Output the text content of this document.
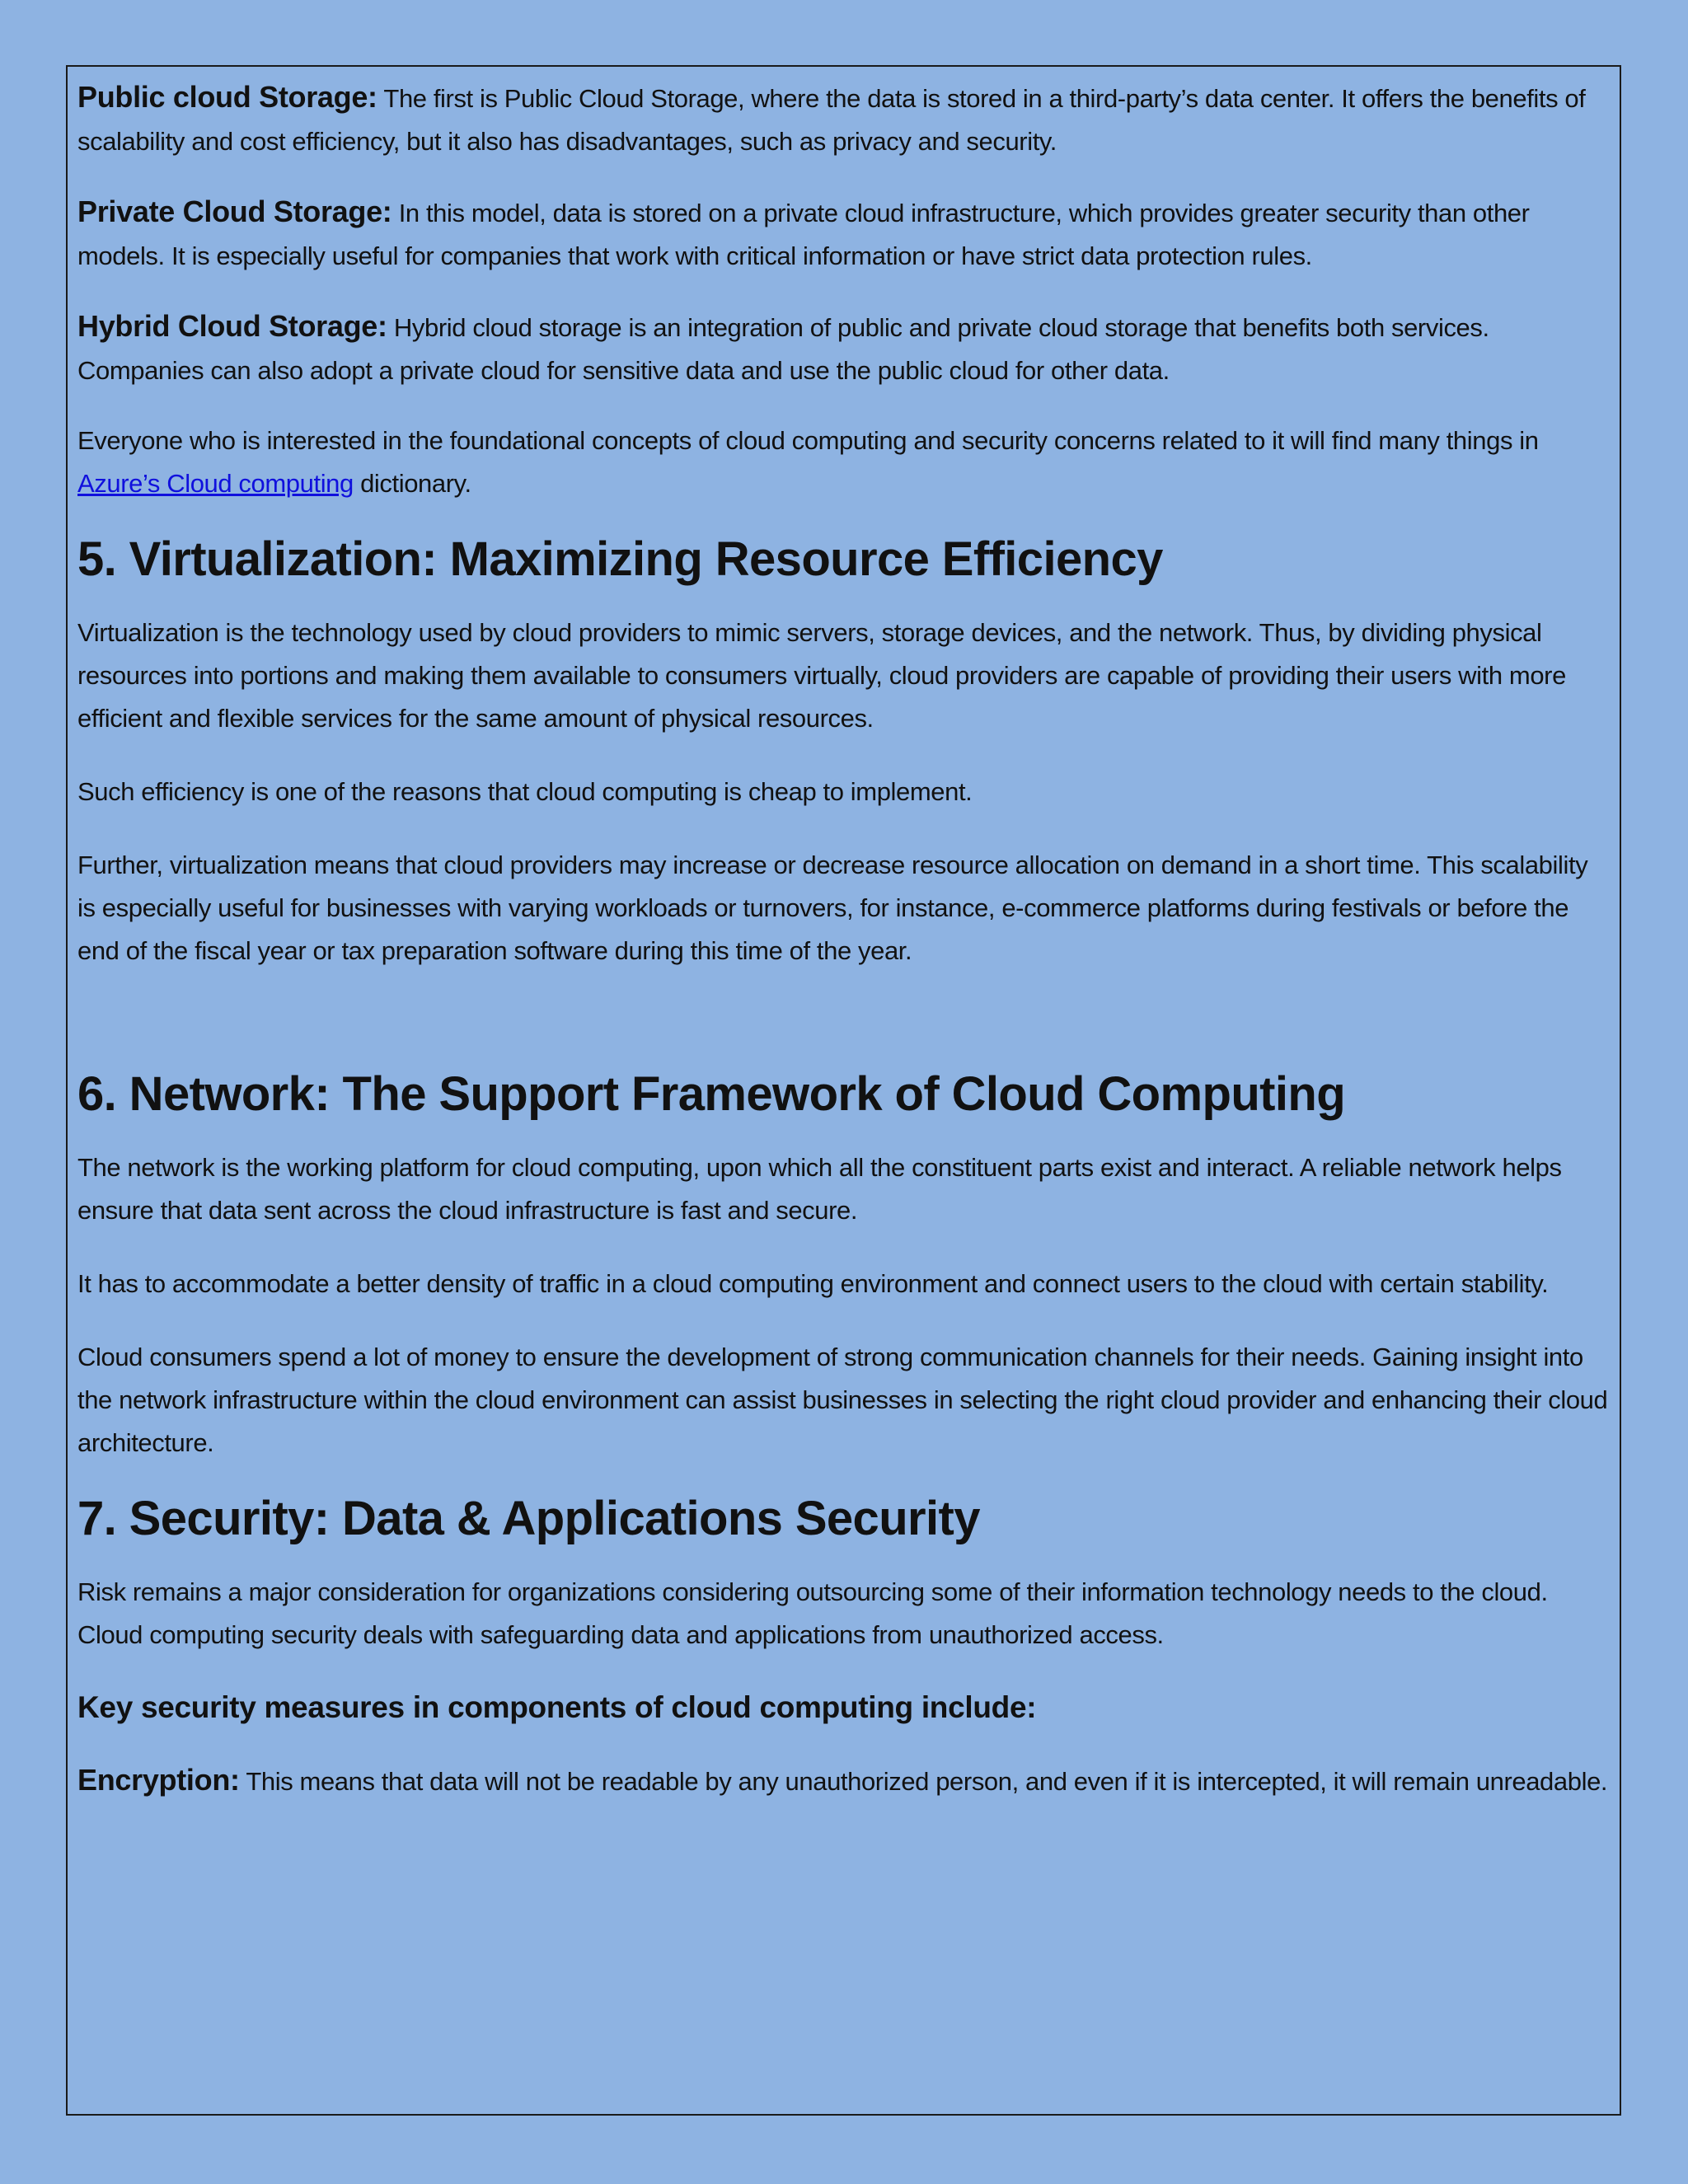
Public cloud Storage: The first is Public Cloud Storage, where the data is stored in a third-party’s data center. It offers the benefits of scalability and cost efficiency, but it also has disadvantages, such as privacy and security.

Private Cloud Storage: In this model, data is stored on a private cloud infrastructure, which provides greater security than other models. It is especially useful for companies that work with critical information or have strict data protection rules.

Hybrid Cloud Storage: Hybrid cloud storage is an integration of public and private cloud storage that benefits both services. Companies can also adopt a private cloud for sensitive data and use the public cloud for other data.

Everyone who is interested in the foundational concepts of cloud computing and security concerns related to it will find many things in Azure’s Cloud computing dictionary.

5. Virtualization: Maximizing Resource Efficiency

Virtualization is the technology used by cloud providers to mimic servers, storage devices, and the network. Thus, by dividing physical resources into portions and making them available to consumers virtually, cloud providers are capable of providing their users with more efficient and flexible services for the same amount of physical resources.

Such efficiency is one of the reasons that cloud computing is cheap to implement.

Further, virtualization means that cloud providers may increase or decrease resource allocation on demand in a short time. This scalability is especially useful for businesses with varying workloads or turnovers, for instance, e-commerce platforms during festivals or before the end of the fiscal year or tax preparation software during this time of the year.

6. Network: The Support Framework of Cloud Computing

The network is the working platform for cloud computing, upon which all the constituent parts exist and interact. A reliable network helps ensure that data sent across the cloud infrastructure is fast and secure.

It has to accommodate a better density of traffic in a cloud computing environment and connect users to the cloud with certain stability.

Cloud consumers spend a lot of money to ensure the development of strong communication channels for their needs. Gaining insight into the network infrastructure within the cloud environment can assist businesses in selecting the right cloud provider and enhancing their cloud architecture.

7. Security: Data & Applications Security

Risk remains a major consideration for organizations considering outsourcing some of their information technology needs to the cloud. Cloud computing security deals with safeguarding data and applications from unauthorized access.

Key security measures in components of cloud computing include:

Encryption: This means that data will not be readable by any unauthorized person, and even if it is intercepted, it will remain unreadable.
